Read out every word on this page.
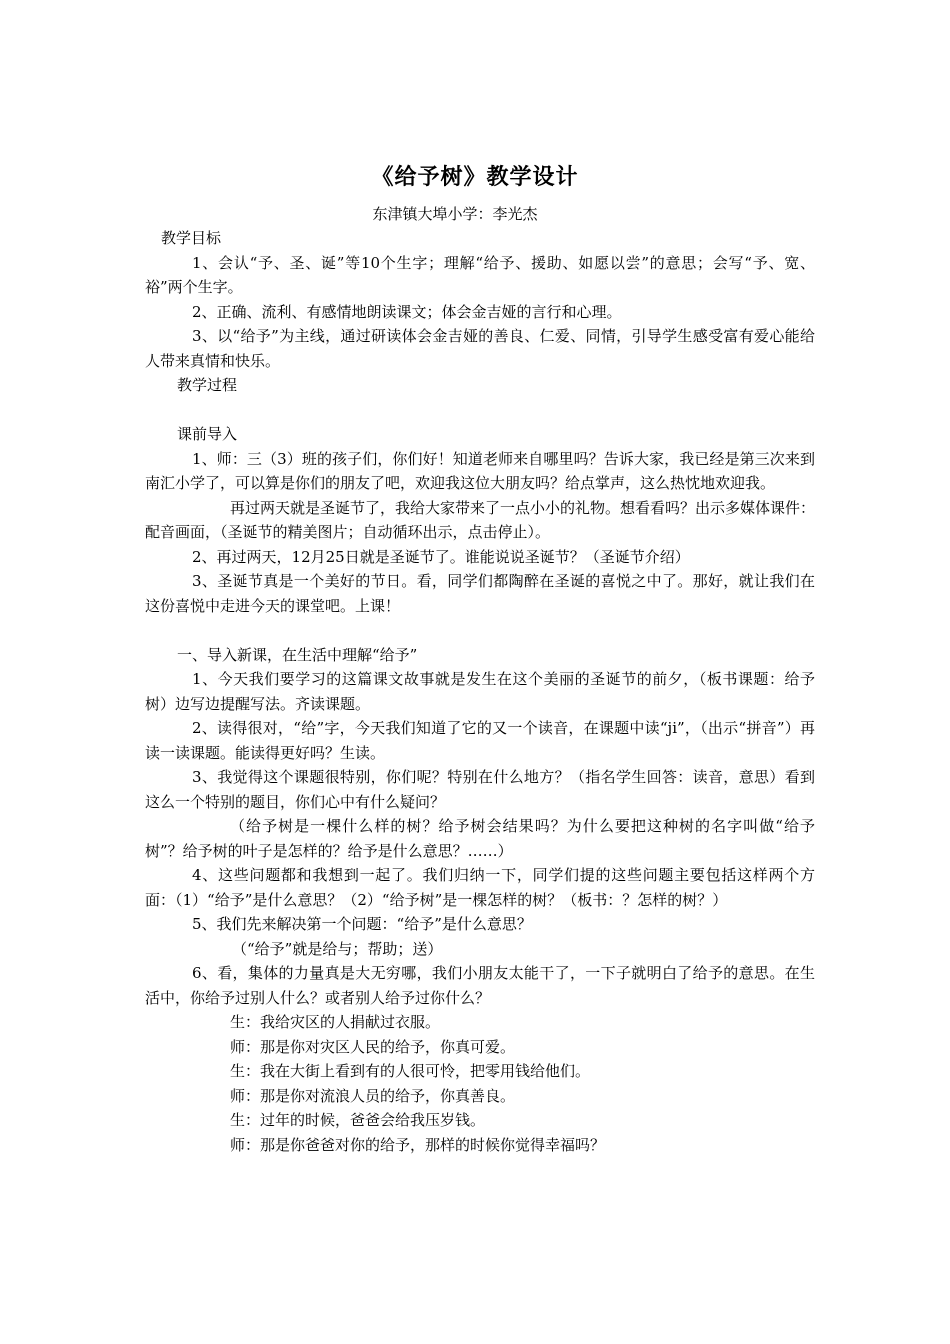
《给予树》教学设计
东津镇大埠小学：李光杰

教学目标

1、会认“予、圣、诞”等10个生字；理解“给予、援助、如愿以尝”的意思；会写“予、宽、裕”两个生字。

2、正确、流利、有感情地朗读课文；体会金吉娅的言行和心理。

3、以“给予”为主线，通过研读体会金吉娅的善良、仁爱、同情，引导学生感受富有爱心能给人带来真情和快乐。

教学过程

课前导入

1、师：三（3）班的孩子们，你们好！知道老师来自哪里吗？告诉大家，我已经是第三次来到南汇小学了，可以算是你们的朋友了吧，欢迎我这位大朋友吗？给点掌声，这么热忱地欢迎我。

再过两天就是圣诞节了，我给大家带来了一点小小的礼物。想看看吗？出示多媒体课件：配音画面，（圣诞节的精美图片；自动循环出示，点击停止）。

2、再过两天，12月25日就是圣诞节了。谁能说说圣诞节？（圣诞节介绍）

3、圣诞节真是一个美好的节日。看，同学们都陶醉在圣诞的喜悦之中了。那好，就让我们在这份喜悦中走进今天的课堂吧。上课！

一、导入新课，在生活中理解“给予”

1、今天我们要学习的这篇课文故事就是发生在这个美丽的圣诞节的前夕，（板书课题：给予树）边写边提醒写法。齐读课题。

2、读得很对，“给”字，今天我们知道了它的又一个读音，在课题中读“ji”，（出示“拼音”）再读一读课题。能读得更好吗？生读。

3、我觉得这个课题很特别，你们呢？特别在什么地方？（指名学生回答：读音，意思）看到这么一个特别的题目，你们心中有什么疑问？

（给予树是一棵什么样的树？给予树会结果吗？为什么要把这种树的名字叫做“给予树”？给予树的叶子是怎样的？给予是什么意思？……）

4、这些问题都和我想到一起了。我们归纳一下，同学们提的这些问题主要包括这样两个方面：（1）“给予”是什么意思？（2）“给予树”是一棵怎样的树？（板书：？怎样的树？）

5、我们先来解决第一个问题：“给予”是什么意思？

（“给予”就是给与；帮助；送）

6、看，集体的力量真是大无穷哪，我们小朋友太能干了，一下子就明白了给予的意思。在生活中，你给予过别人什么？或者别人给予过你什么？

生：我给灾区的人捐献过衣服。

师：那是你对灾区人民的给予，你真可爱。

生：我在大街上看到有的人很可怜，把零用钱给他们。

师：那是你对流浪人员的给予，你真善良。

生：过年的时候，爸爸会给我压岁钱。

师：那是你爸爸对你的给予，那样的时候你觉得幸福吗？
